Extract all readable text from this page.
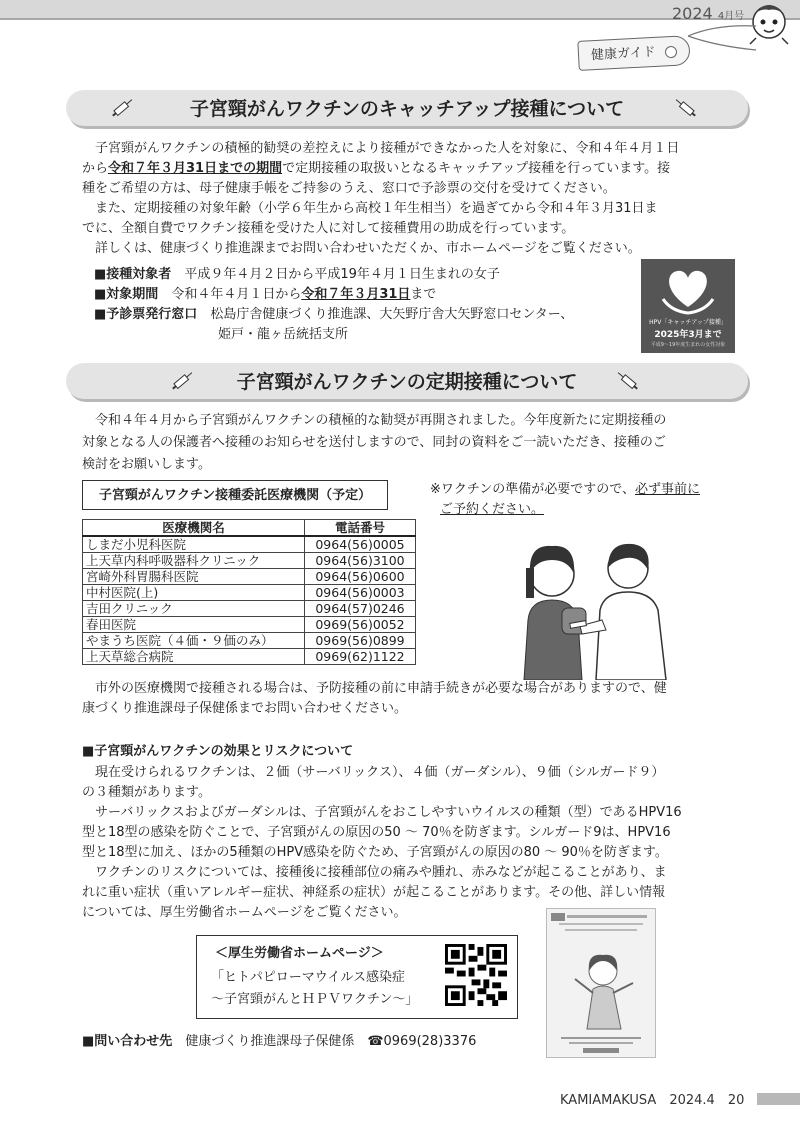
2024 4月号
健康ガイド
子宮頸がんワクチンのキャッチアップ接種について

　子宮頸がんワクチンの積極的勧奨の差控えにより接種ができなかった人を対象に、令和４年４月１日

から令和７年３月31日までの期間で定期接種の取扱いとなるキャッチアップ接種を行っています。接

種をご希望の方は、母子健康手帳をご持参のうえ、窓口で予診票の交付を受けてください。

　また、定期接種の対象年齢（小学６年生から高校１年生相当）を過ぎてから令和４年３月31日ま

でに、全額自費でワクチン接種を受けた人に対して接種費用の助成を行っています。

　詳しくは、健康づくり推進課までお問い合わせいただくか、市ホームページをご覧ください。

■接種対象者　 平成９年４月２日から平成19年４月１日生まれの女子

■対象期間　 令和４年４月１日から令和７年３月31日まで

■予診票発行窓口　 松島庁舎健康づくり推進課、大矢野庁舎大矢野窓口センター、

姫戸・龍ヶ岳統括支所

HPV「キャッチアップ接種」
2025年3月まで
平成9～19年度生まれの女性対象
子宮頸がんワクチンの定期接種について

　令和４年４月から子宮頸がんワクチンの積極的な勧奨が再開されました。今年度新たに定期接種の

対象となる人の保護者へ接種のお知らせを送付しますので、同封の資料をご一読いただき、接種のご

検討をお願いします。

子宮頸がんワクチン接種委託医療機関（予定）
医療機関名	電話番号
しまだ小児科医院	0964(56)0005
上天草内科呼吸器科クリニック	0964(56)3100
宮崎外科胃腸科医院	0964(56)0600
中村医院(上)	0964(56)0003
吉田クリニック	0964(57)0246
春田医院	0969(56)0052
やまうち医院（４価・９価のみ）	0969(56)0899
上天草総合病院	0969(62)1122
※ワクチンの準備が必要ですので、必ず事前に
ご予約ください。

　市外の医療機関で接種される場合は、予防接種の前に申請手続きが必要な場合がありますので、健

康づくり推進課母子保健係までお問い合わせください。

■子宮頸がんワクチンの効果とリスクについて

　現在受けられるワクチンは、２価（サーバリックス）、４価（ガーダシル）、９価（シルガード９）

の３種類があります。

　サーバリックスおよびガーダシルは、子宮頸がんをおこしやすいウイルスの種類（型）であるHPV16

型と18型の感染を防ぐことで、子宮頸がんの原因の50 ～ 70％を防ぎます。シルガード9は、HPV16

型と18型に加え、ほかの5種類のHPV感染を防ぐため、子宮頸がんの原因の80 ～ 90％を防ぎます。

　ワクチンのリスクについては、接種後に接種部位の痛みや腫れ、赤みなどが起こることがあり、ま

れに重い症状（重いアレルギー症状、神経系の症状）が起こることがあります。その他、詳しい情報

については、厚生労働省ホームページをご覧ください。

＜厚生労働省ホームページ＞
「ヒトパピローマウイルス感染症
～子宮頸がんとＨＰＶワクチン～」

■問い合わせ先　 健康づくり推進課母子保健係　☎0969(28)3376

KAMIAMAKUSA　2024.4　 20
